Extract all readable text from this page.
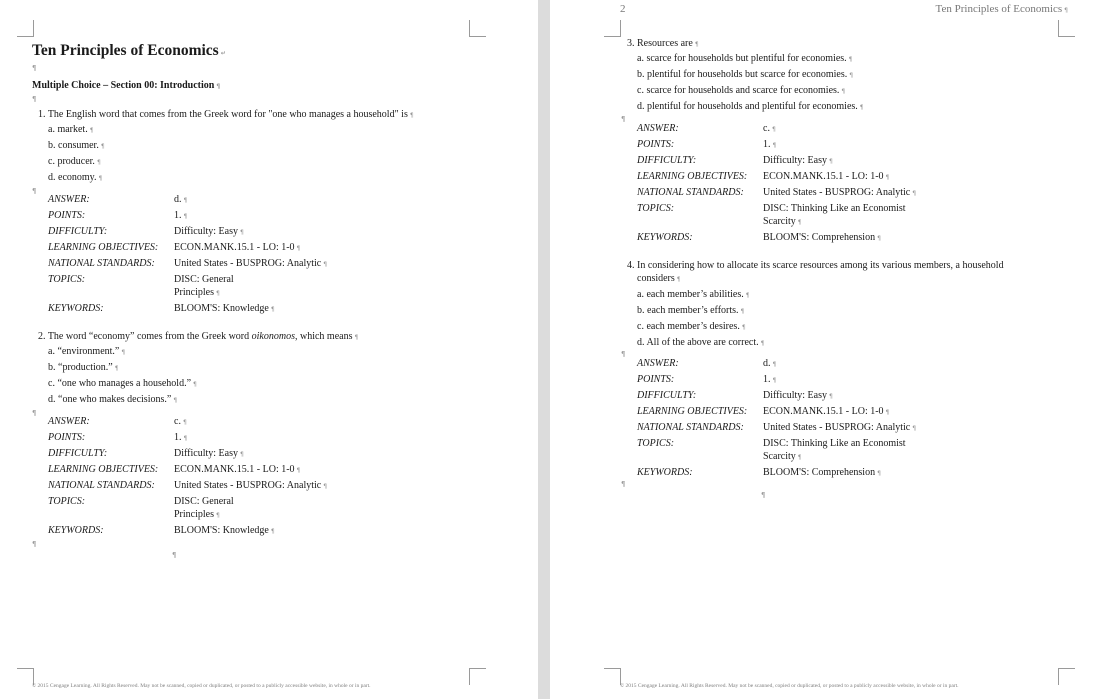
Ten Principles of Economics ↵
¶
Multiple Choice – Section 00: Introduction ¶
¶

1. The English word that comes from the Greek word for "one who manages a household" is ¶

a. market. ¶

b. consumer. ¶

c. producer. ¶

d. economy. ¶

¶
ANSWER:	d. ¶
POINTS:	1. ¶
DIFFICULTY:	Difficulty: Easy ¶
LEARNING OBJECTIVES:	ECON.MANK.15.1 - LO: 1-0 ¶
NATIONAL STANDARDS:	United States - BUSPROG: Analytic ¶
TOPICS:	DISC: General
Principles ¶
KEYWORDS:	BLOOM'S: Knowledge ¶

2. The word “economy” comes from the Greek word oikonomos, which means ¶

a. “environment.” ¶

b. “production.” ¶

c. “one who manages a household.” ¶

d. “one who makes decisions.” ¶

¶
ANSWER:	c. ¶
POINTS:	1. ¶
DIFFICULTY:	Difficulty: Easy ¶
LEARNING OBJECTIVES:	ECON.MANK.15.1 - LO: 1-0 ¶
NATIONAL STANDARDS:	United States - BUSPROG: Analytic ¶
TOPICS:	DISC: General
Principles ¶
KEYWORDS:	BLOOM'S: Knowledge ¶
¶
¶
© 2015 Cengage Learning. All Rights Reserved. May not be scanned, copied or duplicated, or posted to a publicly accessible website, in whole or in part.	© 2015 Cengage Learning. All Rights Reserved. May not be scanned, copied or duplicated, or posted to a publicly accessible website, in whole or in part.
2	Ten Principles of Economics ¶

3. Resources are ¶

a. scarce for households but plentiful for economies. ¶

b. plentiful for households but scarce for economies. ¶

c. scarce for households and scarce for economies. ¶

d. plentiful for households and plentiful for economies. ¶

¶
ANSWER:	c. ¶
POINTS:	1. ¶
DIFFICULTY:	Difficulty: Easy ¶
LEARNING OBJECTIVES:	ECON.MANK.15.1 - LO: 1-0 ¶
NATIONAL STANDARDS:	United States - BUSPROG: Analytic ¶
TOPICS:	DISC: Thinking Like an Economist
Scarcity ¶
KEYWORDS:	BLOOM'S: Comprehension ¶

4. In considering how to allocate its scarce resources among its various members, a household
considers ¶

a. each member’s abilities. ¶

b. each member’s efforts. ¶

c. each member’s desires. ¶

d. All of the above are correct. ¶

¶
ANSWER:	d. ¶
POINTS:	1. ¶
DIFFICULTY:	Difficulty: Easy ¶
LEARNING OBJECTIVES:	ECON.MANK.15.1 - LO: 1-0 ¶
NATIONAL STANDARDS:	United States - BUSPROG: Analytic ¶
TOPICS:	DISC: Thinking Like an Economist
Scarcity ¶
KEYWORDS:	BLOOM'S: Comprehension ¶
¶
¶
